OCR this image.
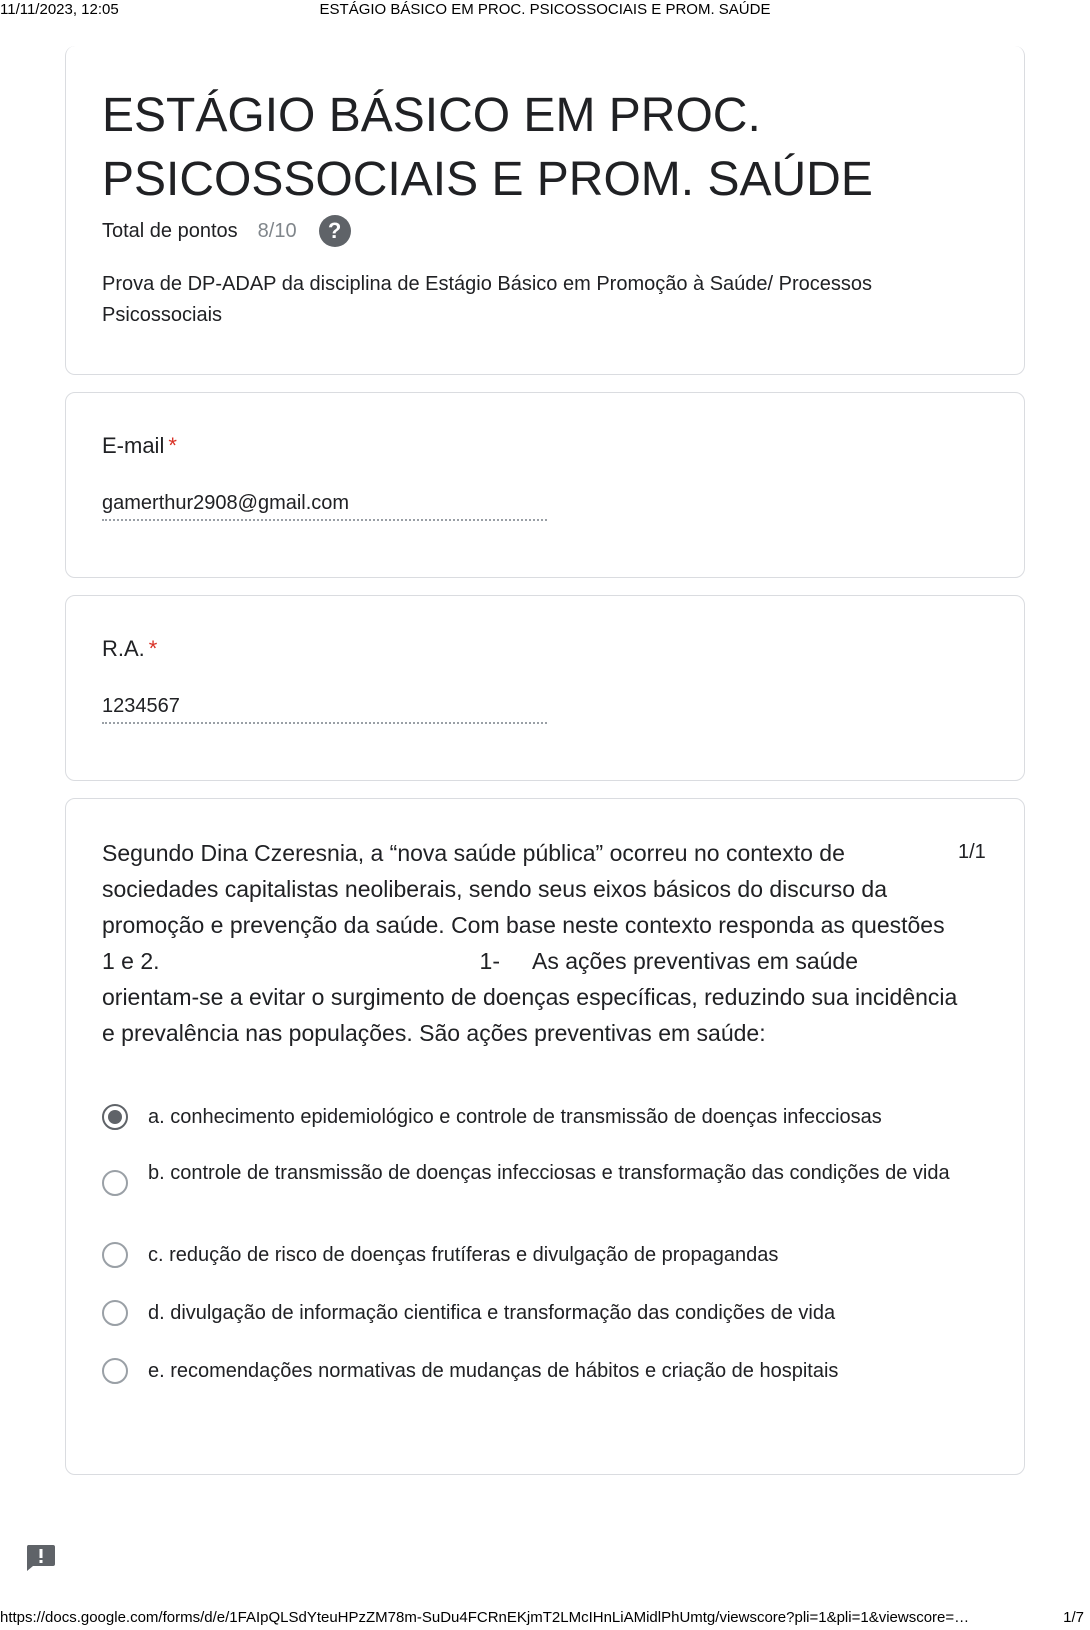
11/11/2023, 12:05	ESTÁGIO BÁSICO EM PROC. PSICOSSOCIAIS E PROM. SAÚDE
ESTÁGIO BÁSICO EM PROC. PSICOSSOCIAIS E PROM. SAÚDE
Total de pontos 8/10	?

Prova de DP-ADAP da disciplina de Estágio Básico em Promoção à Saúde/ Processos Psicossociais

E-mail *
gamerthur2908@gmail.com
R.A. *
1234567

Segundo Dina Czeresnia, a “nova saúde pública” ocorreu no contexto de sociedades capitalistas neoliberais, sendo seus eixos básicos do discurso da promoção e prevenção da saúde. Com base neste contexto responda as questões 1 e 2.	1- As ações preventivas em saúde orientam-se a evitar o surgimento de doenças específicas, reduzindo sua incidência e prevalência nas populações. São ações preventivas em saúde:

1/1
a. conhecimento epidemiológico e controle de transmissão de doenças infecciosas
b. controle de transmissão de doenças infecciosas e transformação das condições de vida
c. redução de risco de doenças frutíferas e divulgação de propagandas
d. divulgação de informação cientifica e transformação das condições de vida
e. recomendações normativas de mudanças de hábitos e criação de hospitais
https://docs.google.com/forms/d/e/1FAIpQLSdYteuHPzZM78m-SuDu4FCRnEKjmT2LMcIHnLiAMidlPhUmtg/viewscore?pli=1&pli=1&viewscore=…	1/7
